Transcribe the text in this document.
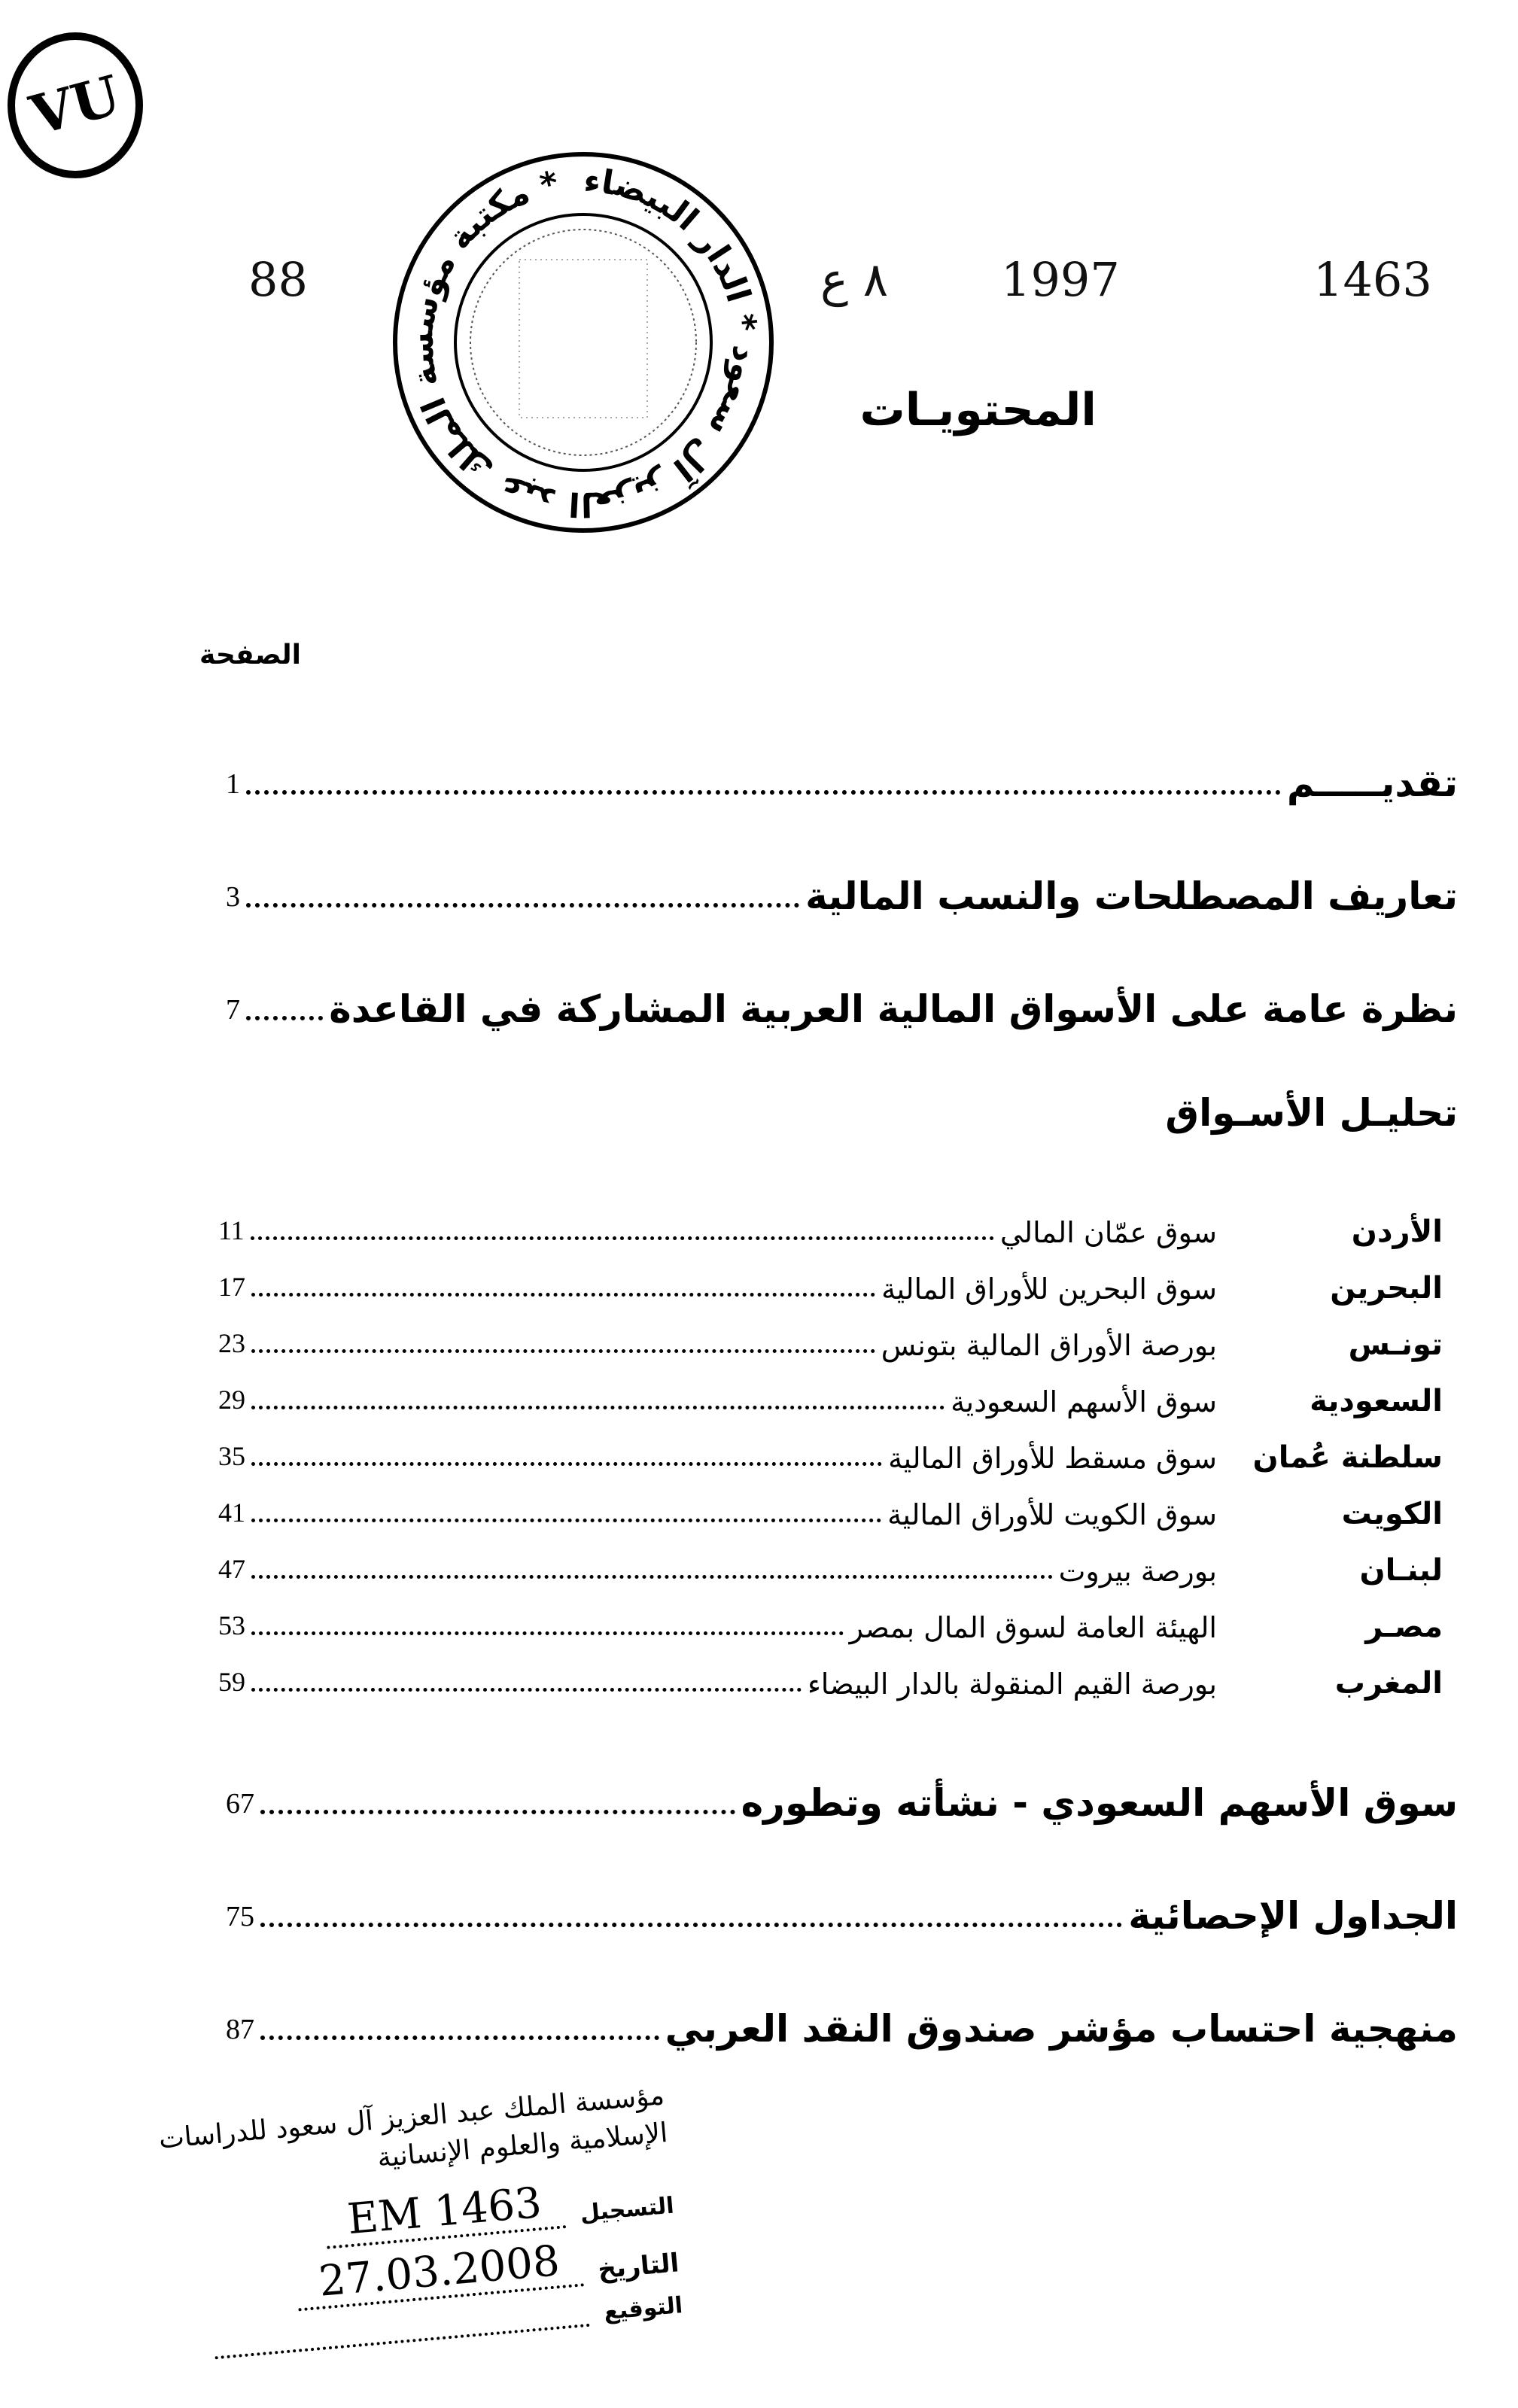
VU
مكتبة مؤسسة الملك عبد العزيز آل سعود * الدار البيضاء *
88	٨ ع 1997	1463
المحتويـات
الصفحة
تقديـــــم
1
تعاريف المصطلحات والنسب المالية
3
نظرة عامة على الأسواق المالية العربية المشاركة في القاعدة
7
تحليـل الأسـواق
الأردن
سوق عمّان المالي
11
البحرين
سوق البحرين للأوراق المالية
17
تونـس
بورصة الأوراق المالية بتونس
23
السعودية
سوق الأسهم السعودية
29
سلطنة عُمان
سوق مسقط للأوراق المالية
35
الكويت
سوق الكويت للأوراق المالية
41
لبنـان
بورصة بيروت
47
مصـر
الهيئة العامة لسوق المال بمصر
53
المغرب
بورصة القيم المنقولة بالدار البيضاء
59
سوق الأسهم السعودي - نشأته وتطوره
67
الجداول الإحصائية
75
منهجية احتساب مؤشر صندوق النقد العربي
87
مؤسسة الملك عبد العزيز آل سعود للدراسات الإسلامية والعلوم الإنسانية
التسجيل
EM 1463
التاريخ
27.03.2008
التوقيع
